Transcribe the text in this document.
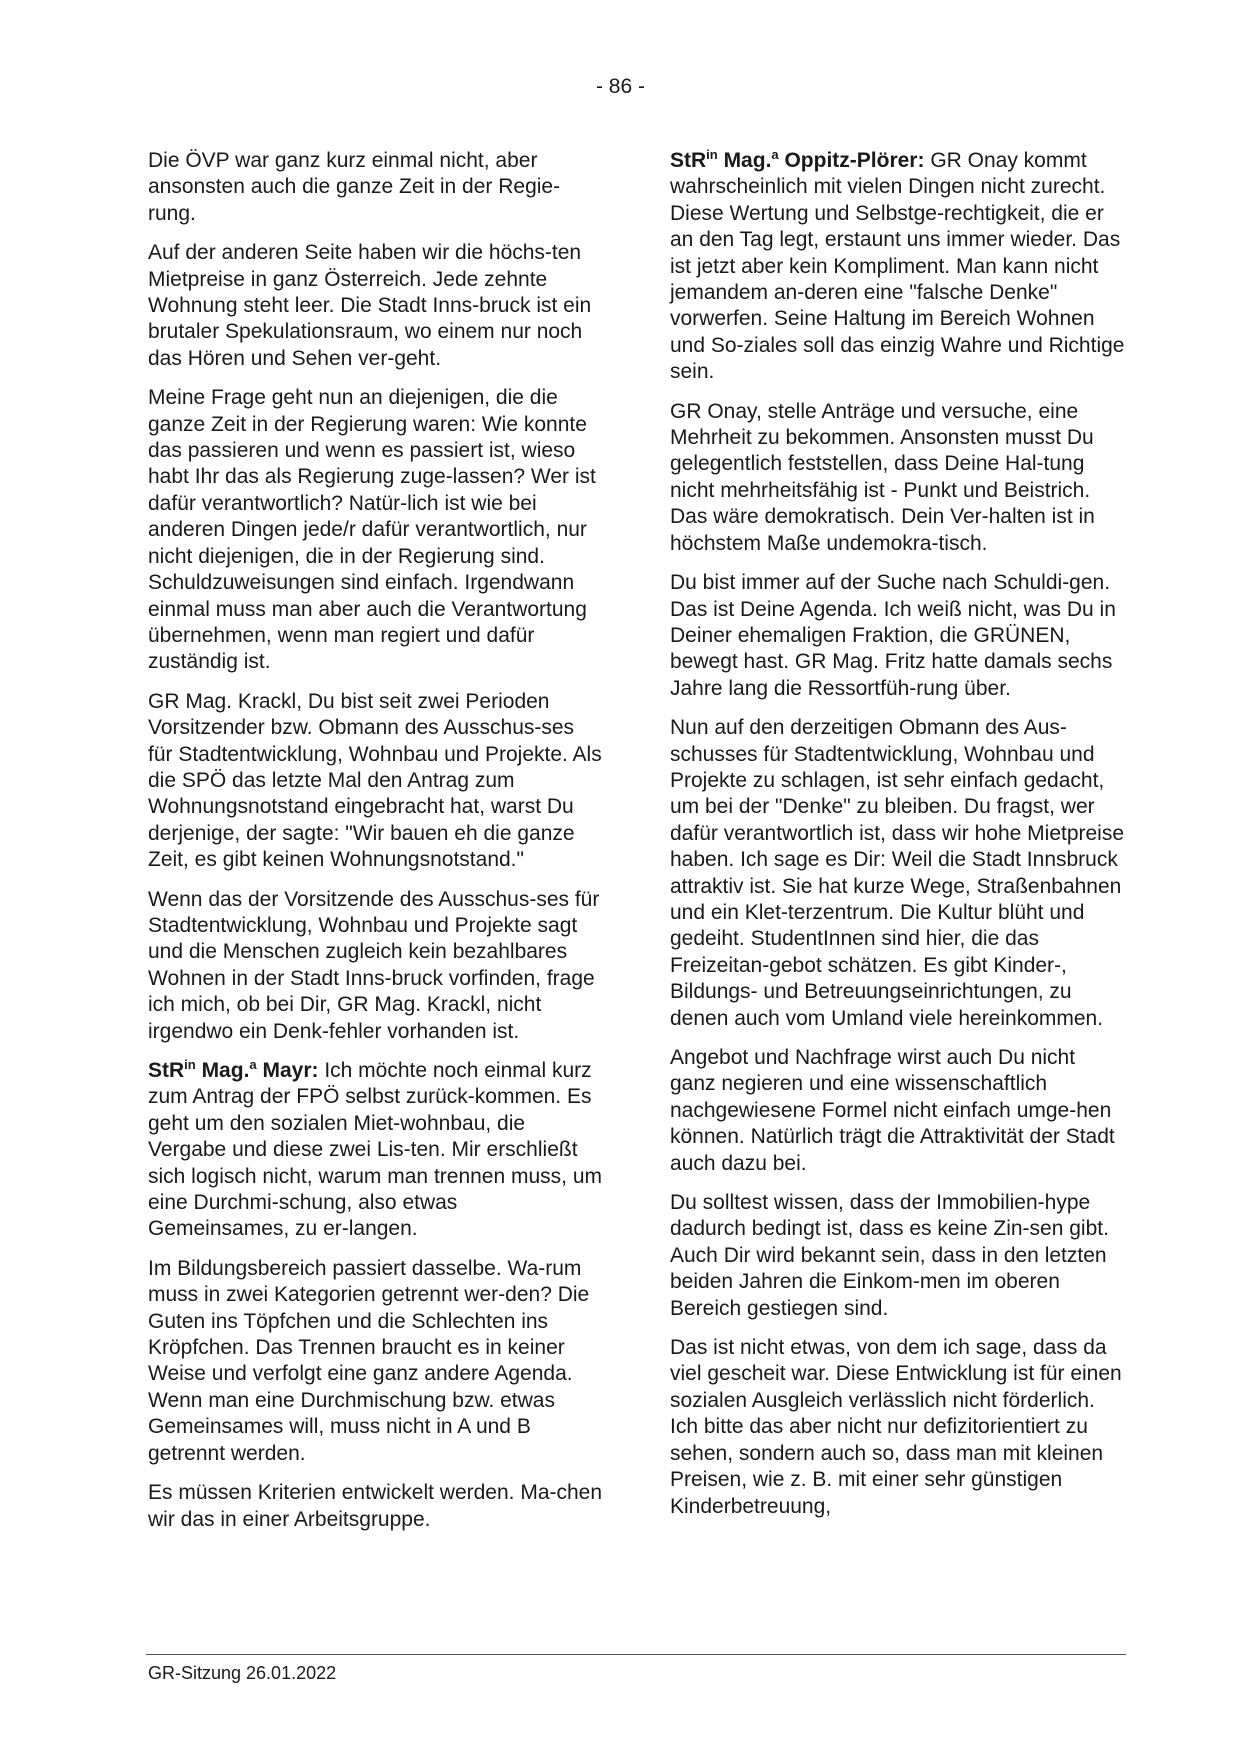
- 86 -

Die ÖVP war ganz kurz einmal nicht, aber ansonsten auch die ganze Zeit in der Regie-rung.

Auf der anderen Seite haben wir die höchs-ten Mietpreise in ganz Österreich. Jede zehnte Wohnung steht leer. Die Stadt Inns-bruck ist ein brutaler Spekulationsraum, wo einem nur noch das Hören und Sehen ver-geht.

Meine Frage geht nun an diejenigen, die die ganze Zeit in der Regierung waren: Wie konnte das passieren und wenn es passiert ist, wieso habt Ihr das als Regierung zuge-lassen? Wer ist dafür verantwortlich? Natür-lich ist wie bei anderen Dingen jede/r dafür verantwortlich, nur nicht diejenigen, die in der Regierung sind. Schuldzuweisungen sind einfach. Irgendwann einmal muss man aber auch die Verantwortung übernehmen, wenn man regiert und dafür zuständig ist.

GR Mag. Krackl, Du bist seit zwei Perioden Vorsitzender bzw. Obmann des Ausschus-ses für Stadtentwicklung, Wohnbau und Projekte. Als die SPÖ das letzte Mal den Antrag zum Wohnungsnotstand eingebracht hat, warst Du derjenige, der sagte: "Wir bauen eh die ganze Zeit, es gibt keinen Wohnungsnotstand."

Wenn das der Vorsitzende des Ausschus-ses für Stadtentwicklung, Wohnbau und Projekte sagt und die Menschen zugleich kein bezahlbares Wohnen in der Stadt Inns-bruck vorfinden, frage ich mich, ob bei Dir, GR Mag. Krackl, nicht irgendwo ein Denk-fehler vorhanden ist.

StR$^{in}$ Mag.$^a$ Mayr: Ich möchte noch einmal kurz zum Antrag der FPÖ selbst zurück-kommen. Es geht um den sozialen Miet-wohnbau, die Vergabe und diese zwei Lis-ten. Mir erschließt sich logisch nicht, warum man trennen muss, um eine Durchmi-schung, also etwas Gemeinsames, zu er-langen.

Im Bildungsbereich passiert dasselbe. Wa-rum muss in zwei Kategorien getrennt wer-den? Die Guten ins Töpfchen und die Schlechten ins Kröpfchen. Das Trennen braucht es in keiner Weise und verfolgt eine ganz andere Agenda. Wenn man eine Durchmischung bzw. etwas Gemeinsames will, muss nicht in A und B getrennt werden.

Es müssen Kriterien entwickelt werden. Ma-chen wir das in einer Arbeitsgruppe.

StR$^{in}$ Mag.$^a$ Oppitz-Plörer: GR Onay kommt wahrscheinlich mit vielen Dingen nicht zurecht. Diese Wertung und Selbstge-rechtigkeit, die er an den Tag legt, erstaunt uns immer wieder. Das ist jetzt aber kein Kompliment. Man kann nicht jemandem an-deren eine "falsche Denke" vorwerfen. Seine Haltung im Bereich Wohnen und So-ziales soll das einzig Wahre und Richtige sein.

GR Onay, stelle Anträge und versuche, eine Mehrheit zu bekommen. Ansonsten musst Du gelegentlich feststellen, dass Deine Hal-tung nicht mehrheitsfähig ist - Punkt und Beistrich. Das wäre demokratisch. Dein Ver-halten ist in höchstem Maße undemokra-tisch.

Du bist immer auf der Suche nach Schuldi-gen. Das ist Deine Agenda. Ich weiß nicht, was Du in Deiner ehemaligen Fraktion, die GRÜNEN, bewegt hast. GR Mag. Fritz hatte damals sechs Jahre lang die Ressortfüh-rung über.

Nun auf den derzeitigen Obmann des Aus-schusses für Stadtentwicklung, Wohnbau und Projekte zu schlagen, ist sehr einfach gedacht, um bei der "Denke" zu bleiben. Du fragst, wer dafür verantwortlich ist, dass wir hohe Mietpreise haben. Ich sage es Dir: Weil die Stadt Innsbruck attraktiv ist. Sie hat kurze Wege, Straßenbahnen und ein Klet-terzentrum. Die Kultur blüht und gedeiht. StudentInnen sind hier, die das Freizeitan-gebot schätzen. Es gibt Kinder-, Bildungs- und Betreuungseinrichtungen, zu denen auch vom Umland viele hereinkommen.

Angebot und Nachfrage wirst auch Du nicht ganz negieren und eine wissenschaftlich nachgewiesene Formel nicht einfach umge-hen können. Natürlich trägt die Attraktivität der Stadt auch dazu bei.

Du solltest wissen, dass der Immobilien-hype dadurch bedingt ist, dass es keine Zin-sen gibt. Auch Dir wird bekannt sein, dass in den letzten beiden Jahren die Einkom-men im oberen Bereich gestiegen sind.

Das ist nicht etwas, von dem ich sage, dass da viel gescheit war. Diese Entwicklung ist für einen sozialen Ausgleich verlässlich nicht förderlich. Ich bitte das aber nicht nur defizitorientiert zu sehen, sondern auch so, dass man mit kleinen Preisen, wie z. B. mit einer sehr günstigen Kinderbetreuung,

GR-Sitzung 26.01.2022
